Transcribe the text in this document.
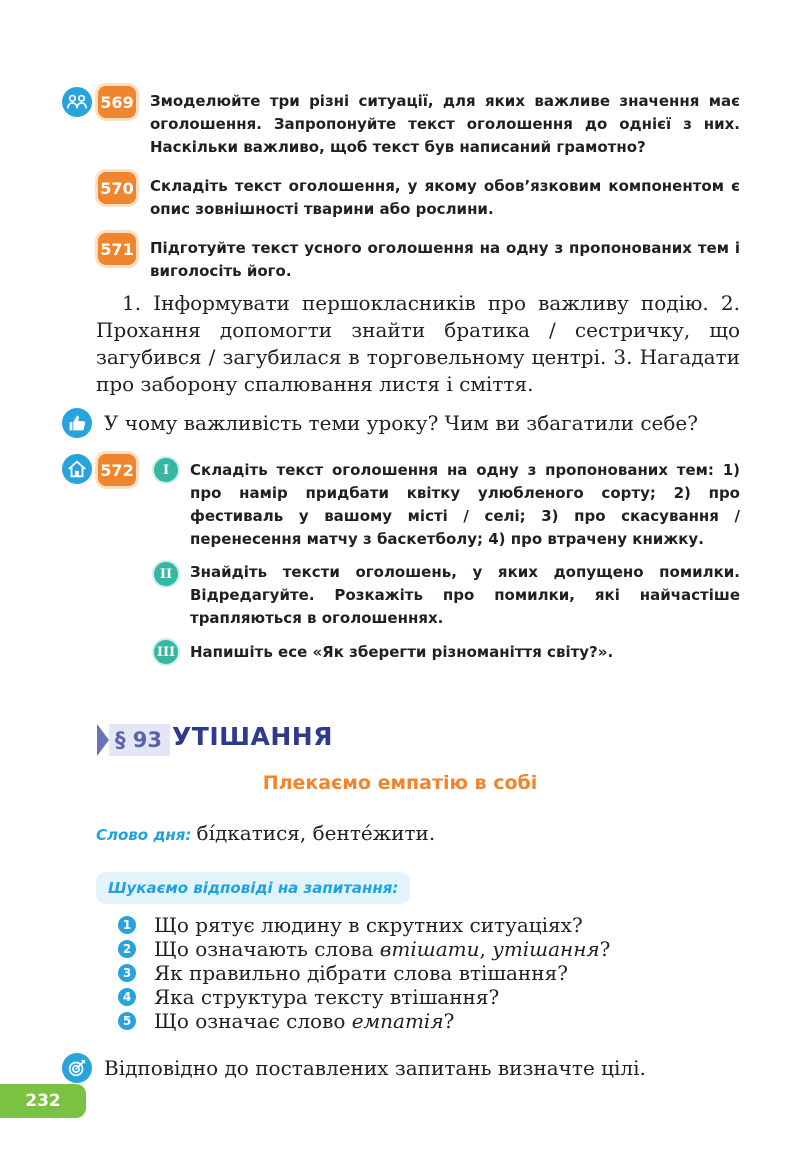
569 Змоделюйте три різні ситуації, для яких важливе значення має оголошення. Запропонуйте текст оголошення до однієї з них. Наскільки важливо, щоб текст був написаний грамотно?
570 Складіть текст оголошення, у якому обов’язковим компонентом є опис зовнішності тварини або рослини.
571 Підготуйте текст усного оголошення на одну з пропонованих тем і виголосіть його.

1. Інформувати першокласників про важливу подію. 2. Прохання допомогти знайти братика / сестричку, що загубився / загубилася в торговельному центрі. 3. Нагадати про заборону спалювання листя і сміття.

У чому важливість теми уроку? Чим ви збагатили себе?
572	I	Складіть текст оголошення на одну з пропонованих тем: 1) про намір придбати квітку улюбленого сорту; 2) про фестиваль у вашому місті / селі; 3) про скасування / перенесення матчу з баскетболу; 4) про втрачену книжку.
II	Знайдіть тексти оголошень, у яких допущено помилки. Відредагуйте. Розкажіть про помилки, які найчастіше трапляються в оголошеннях.
III Напишіть есе «Як зберегти різноманіття світу?».
§ 93 УТІШАННЯ
Плекаємо емпатію в собі
Слово дня: бі́дкатися, бенте́жити.
Шукаємо відповіді на запитання:
1 Що рятує людину в скрутних ситуаціях?
2 Що означають слова втішати, утішання?
3 Як правильно дібрати слова втішання?
4 Яка структура тексту втішання?
5 Що означає слово емпатія?
Відповідно до поставлених запитань визначте цілі.
232
